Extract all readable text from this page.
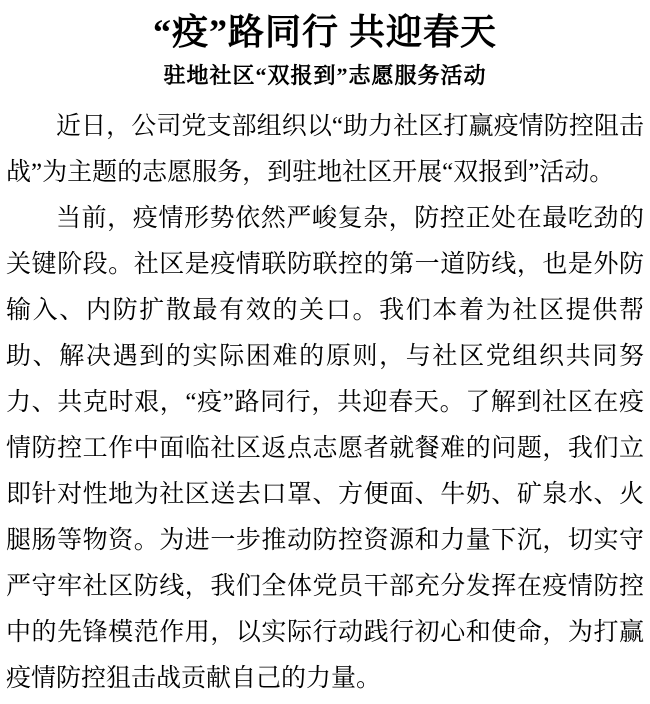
“疫”路同行 共迎春天
驻地社区“双报到”志愿服务活动

近日，公司党支部组织以“助力社区打赢疫情防控阻击战”为主题的志愿服务，到驻地社区开展“双报到”活动。

当前，疫情形势依然严峻复杂，防控正处在最吃劲的关键阶段。社区是疫情联防联控的第一道防线，也是外防输入、内防扩散最有效的关口。我们本着为社区提供帮助、解决遇到的实际困难的原则，与社区党组织共同努力、共克时艰，“疫”路同行，共迎春天。了解到社区在疫情防控工作中面临社区返点志愿者就餐难的问题，我们立即针对性地为社区送去口罩、方便面、牛奶、矿泉水、火腿肠等物资。为进一步推动防控资源和力量下沉，切实守严守牢社区防线，我们全体党员干部充分发挥在疫情防控中的先锋模范作用，以实际行动践行初心和使命，为打赢疫情防控狙击战贡献自己的力量。
